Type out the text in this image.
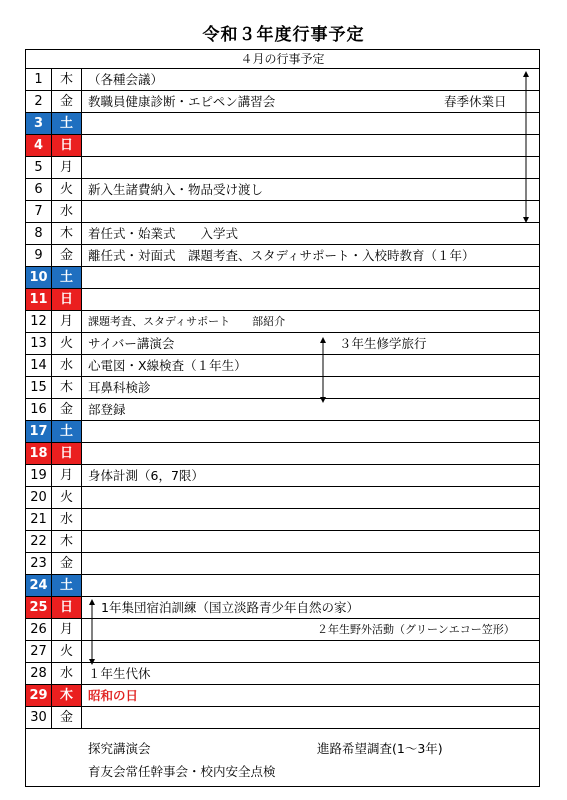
令和３年度行事予定
４月の行事予定
1	木	（各種会議）
2	金	教職員健康診断・エピペン講習会	春季休業日
3	土
4	日
5	月
6	火	新入生諸費納入・物品受け渡し
7	水
8	木	着任式・始業式　　入学式
9	金	離任式・対面式　課題考査、スタディサポート・入校時教育（１年）
10 土
11 日
12	月	課題考査、スタディサポート　　部紹介
13	火	サイバー講演会	３年生修学旅行
14	水	心電図・X線検査（１年生）
15	木	耳鼻科検診
16	金	部登録
17 土
18 日
19	月	身体計測（6，7限）
20	火
21	水
22	木
23	金
24 土
25 日	1年集団宿泊訓練（国立淡路青少年自然の家）
26	月	２年生野外活動（グリーンエコー笠形）
27	火
28	水	１年生代休
29 木	昭和の日
30	金
探究講演会	進路希望調査(1～3年)
育友会常任幹事会・校内安全点検
